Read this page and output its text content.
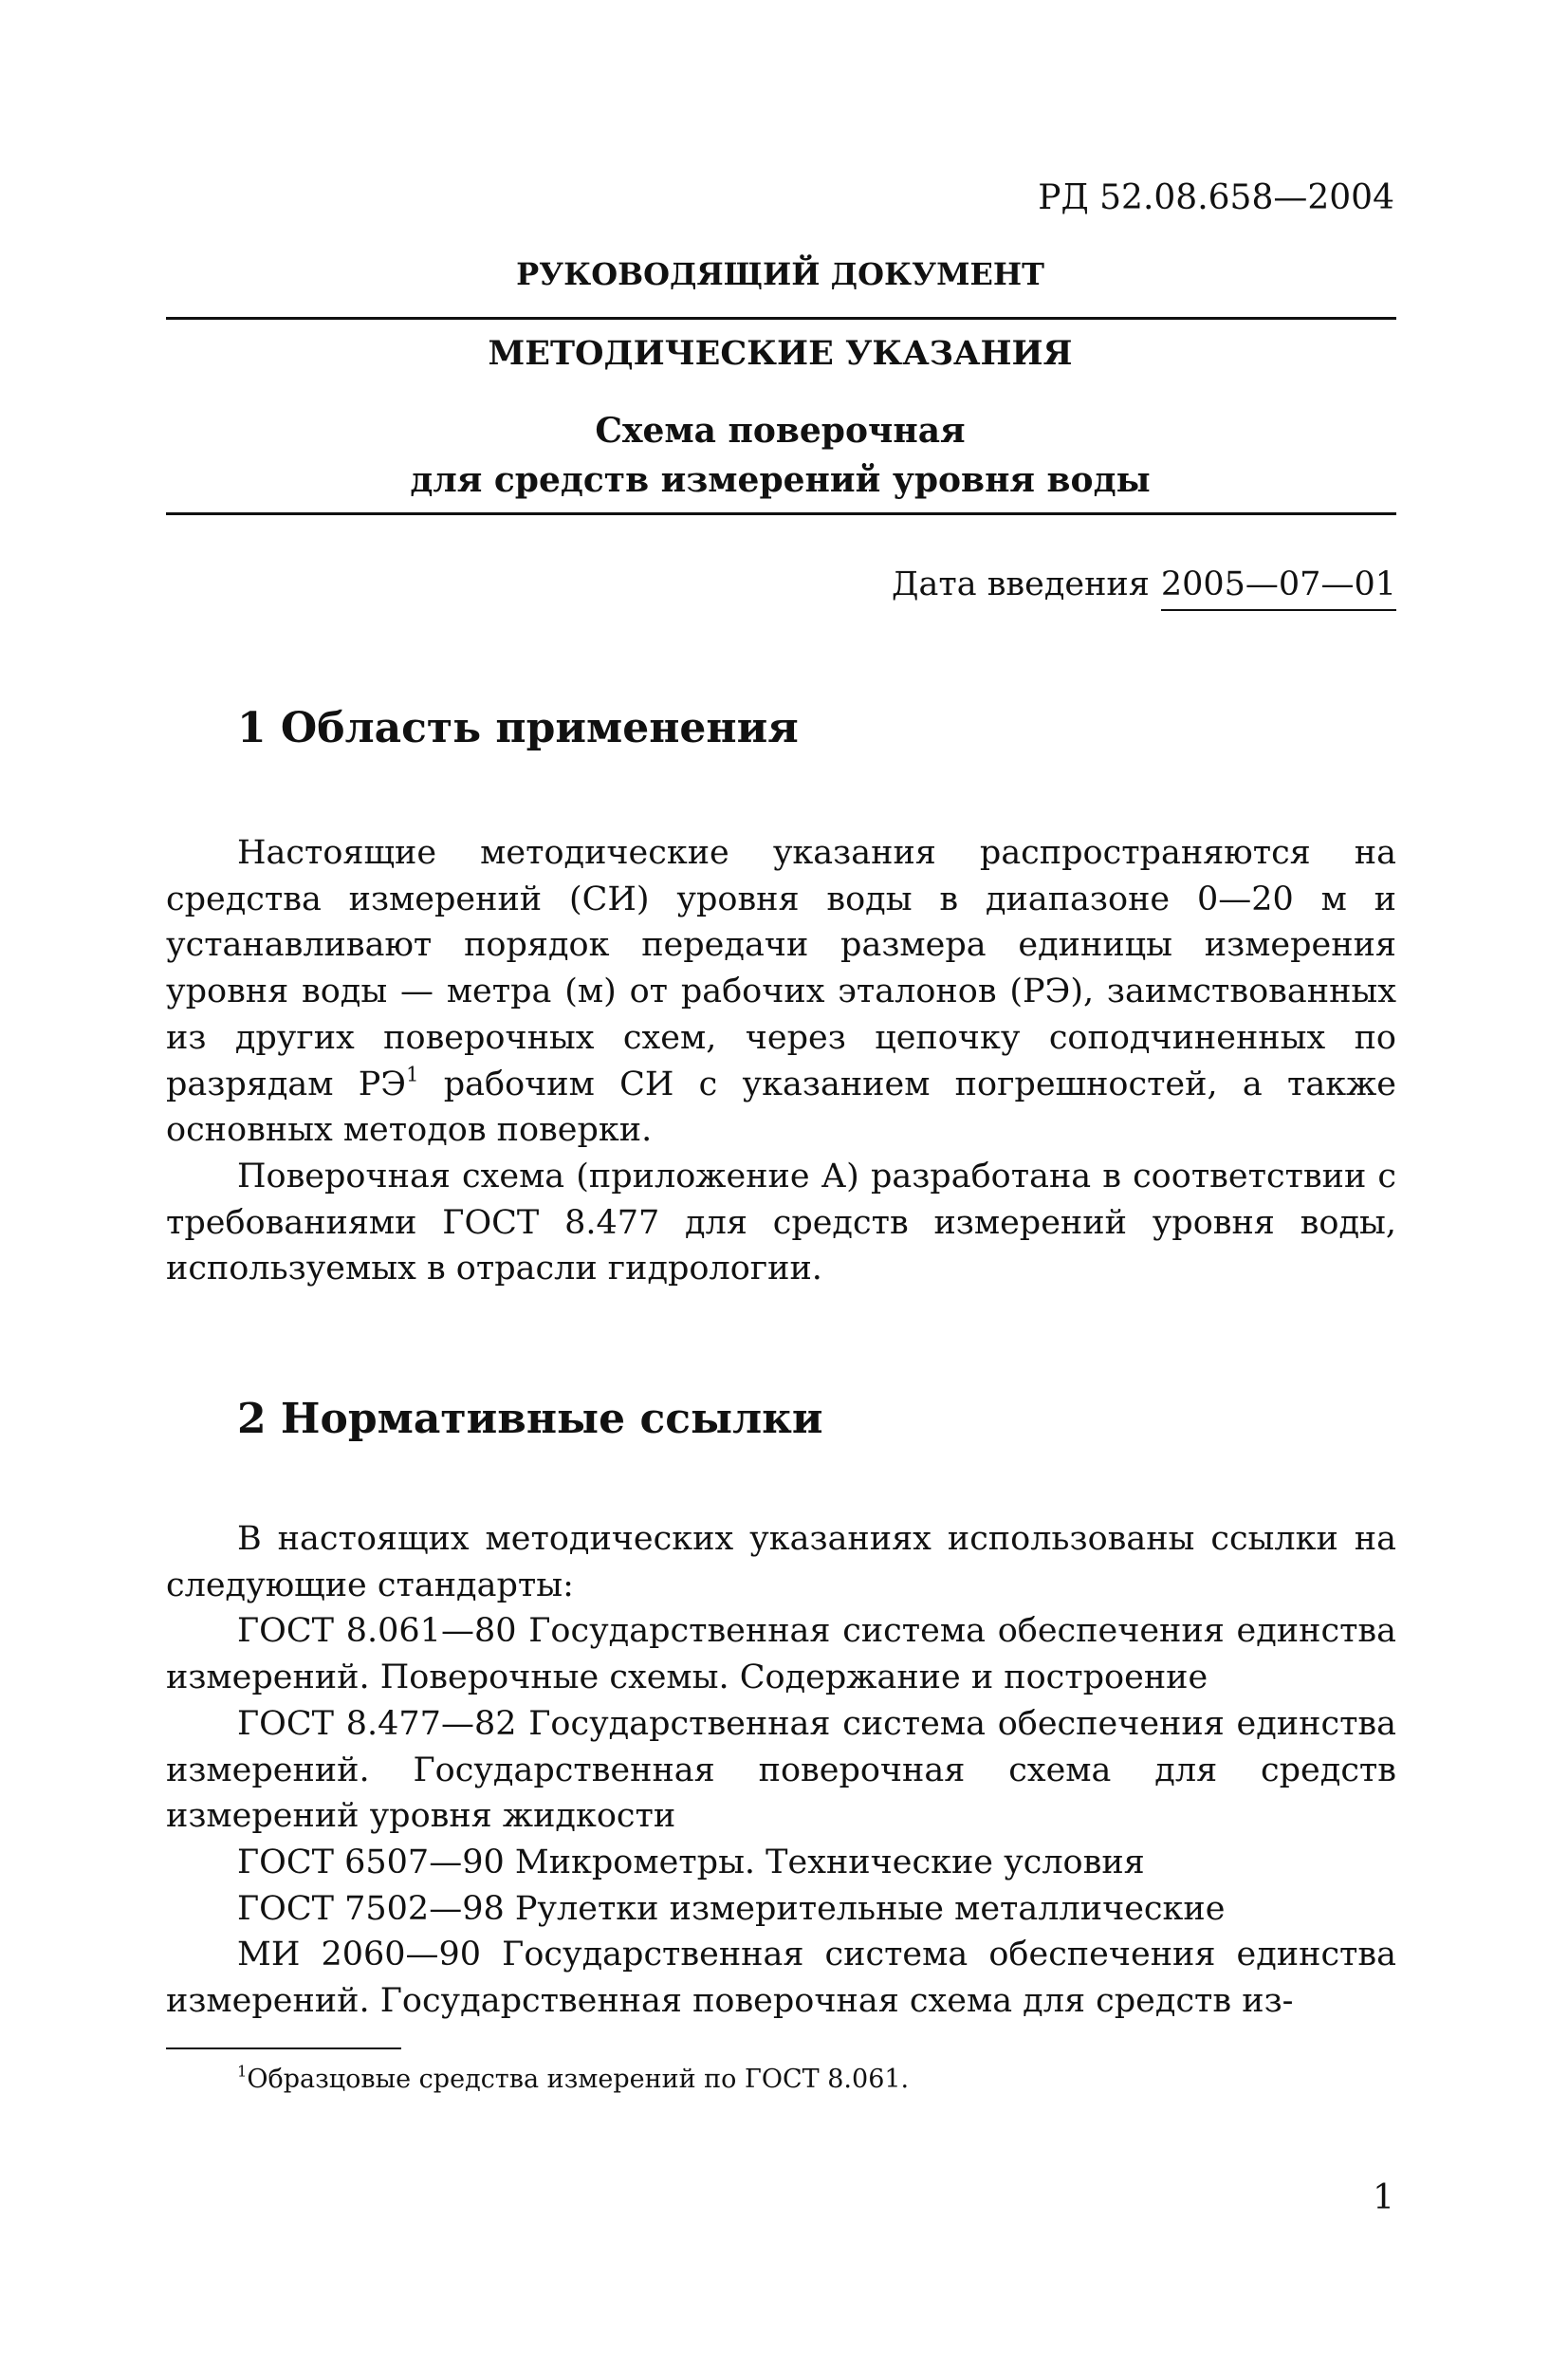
РД 52.08.658—2004
РУКОВОДЯЩИЙ ДОКУМЕНТ
МЕТОДИЧЕСКИЕ УКАЗАНИЯ
Схема поверочная
для средств измерений уровня воды
Дата введения 2005—07—01
1 Область применения

Настоящие методические указания распространяются на средства измерений (СИ) уровня воды в диапазоне 0—20 м и устанавливают порядок передачи размера единицы измерения уровня воды — метра (м) от рабочих эталонов (РЭ), заимствованных из других поверочных схем, через цепочку соподчиненных по разрядам $РЭ^1$ рабочим СИ с указанием погрешностей, а также основных методов поверки.

Поверочная схема (приложение А) разработана в соответствии с требованиями ГОСТ 8.477 для средств измерений уровня воды, используемых в отрасли гидрологии.

2 Нормативные ссылки

В настоящих методических указаниях использованы ссылки на следующие стандарты:

ГОСТ 8.061—80 Государственная система обеспечения единства измерений. Поверочные схемы. Содержание и построение

ГОСТ 8.477—82 Государственная система обеспечения единства измерений. Государственная поверочная схема для средств измерений уровня жидкости

ГОСТ 6507—90 Микрометры. Технические условия

ГОСТ 7502—98 Рулетки измерительные металлические

МИ 2060—90 Государственная система обеспечения единства измерений. Государственная поверочная схема для средств из-

$^1$Образцовые средства измерений по ГОСТ 8.061.
1
